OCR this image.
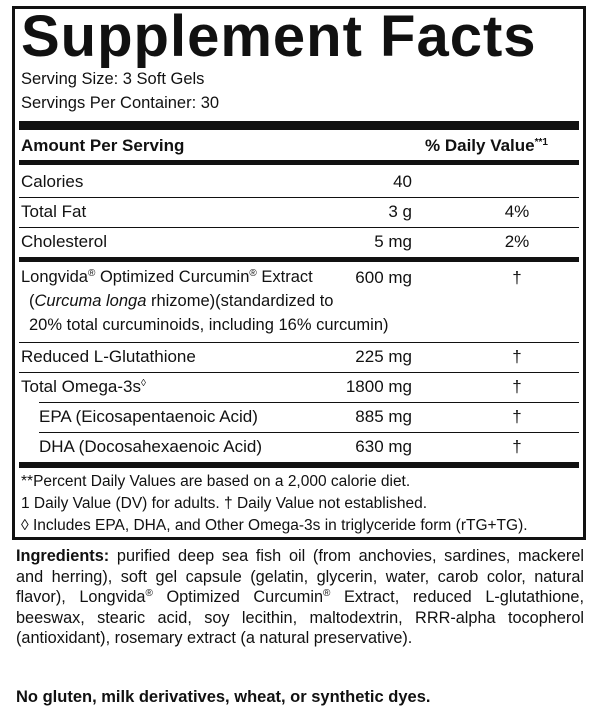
Supplement Facts
Serving Size: 3 Soft Gels
Servings Per Container: 30
Amount Per Serving	% Daily Value$^{**1}$
Calories	40
Total Fat	3 g	4%
Cholesterol	5 mg	2%
Longvida® Optimized Curcumin® Extract	600 mg	†
(Curcuma longa rhizome)(standardized to
20% total curcuminoids, including 16% curcumin)
Reduced L-Glutathione	225 mg	†
Total Omega-3s◊	1800 mg	†
EPA (Eicosapentaenoic Acid)	885 mg	†
DHA (Docosahexaenoic Acid)	630 mg	†
**Percent Daily Values are based on a 2,000 calorie diet.
1 Daily Value (DV) for adults. † Daily Value not established.
◊ Includes EPA, DHA, and Other Omega-3s in triglyceride form (rTG+TG).
Ingredients: purified deep sea fish oil (from anchovies, sardines, mackerel and herring), soft gel capsule (gelatin, glycerin, water, carob color, natural flavor), Longvida® Optimized Curcumin® Extract, reduced L-glutathione, beeswax, stearic acid, soy lecithin, maltodextrin, RRR-alpha tocopherol (antioxidant), rosemary extract (a natural preservative).
No gluten, milk derivatives, wheat, or synthetic dyes.
